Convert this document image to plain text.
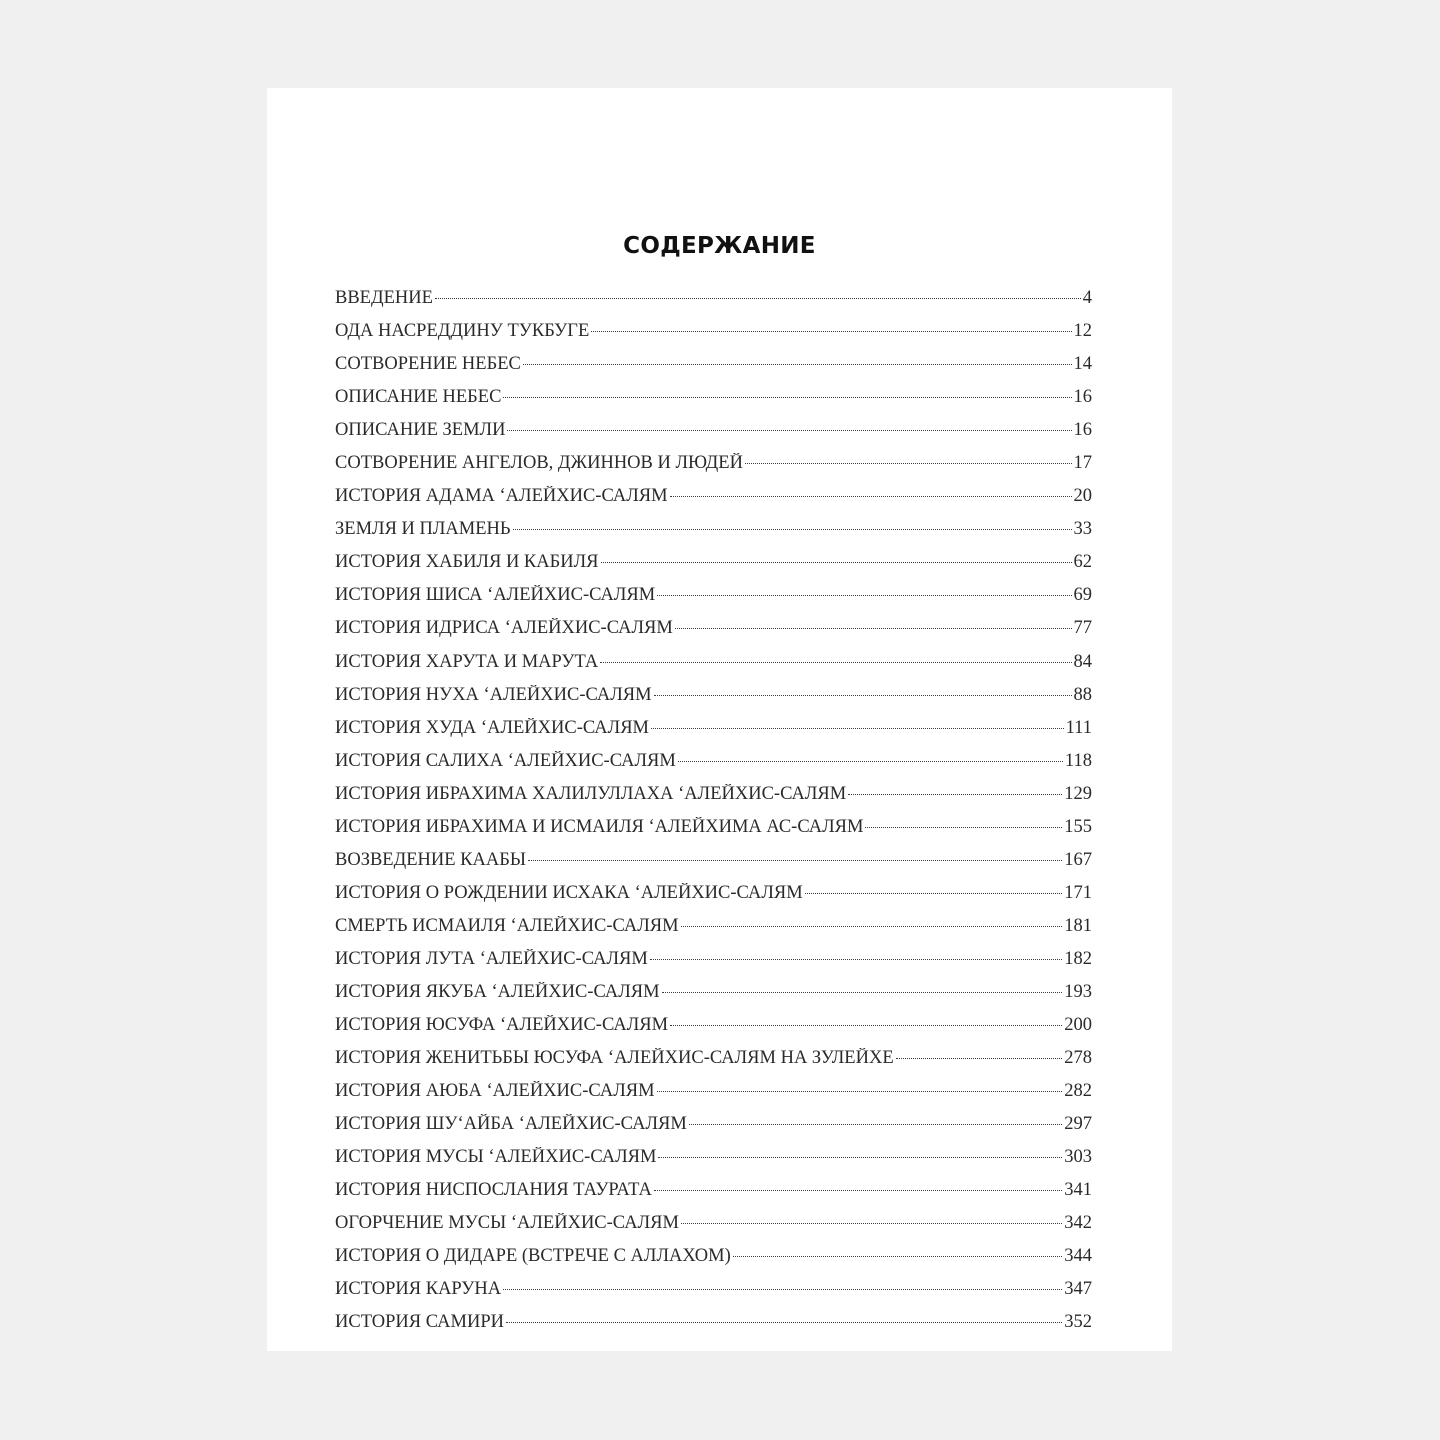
СОДЕРЖАНИЕ
ВВЕДЕНИЕ	4
ОДА НАСРЕДДИНУ ТУКБУГЕ	12
СОТВОРЕНИЕ НЕБЕС	14
ОПИСАНИЕ НЕБЕС	16
ОПИСАНИЕ ЗЕМЛИ	16
СОТВОРЕНИЕ АНГЕЛОВ, ДЖИННОВ И ЛЮДЕЙ	17
ИСТОРИЯ АДАМА ‘АЛЕЙХИС-САЛЯМ	20
ЗЕМЛЯ И ПЛАМЕНЬ	33
ИСТОРИЯ ХАБИЛЯ И КАБИЛЯ	62
ИСТОРИЯ ШИСА ‘АЛЕЙХИС-САЛЯМ	69
ИСТОРИЯ ИДРИСА ‘АЛЕЙХИС-САЛЯМ	77
ИСТОРИЯ ХАРУТА И МАРУТА	84
ИСТОРИЯ НУХА ‘АЛЕЙХИС-САЛЯМ	88
ИСТОРИЯ ХУДА ‘АЛЕЙХИС-САЛЯМ	111
ИСТОРИЯ САЛИХА ‘АЛЕЙХИС-САЛЯМ	118
ИСТОРИЯ ИБРАХИМА ХАЛИЛУЛЛАХА ‘АЛЕЙХИС-САЛЯМ	129
ИСТОРИЯ ИБРАХИМА И ИСМАИЛЯ ‘АЛЕЙХИМА АС-САЛЯМ	155
ВОЗВЕДЕНИЕ КААБЫ	167
ИСТОРИЯ О РОЖДЕНИИ ИСХАКА ‘АЛЕЙХИС-САЛЯМ	171
СМЕРТЬ ИСМАИЛЯ ‘АЛЕЙХИС-САЛЯМ	181
ИСТОРИЯ ЛУТА ‘АЛЕЙХИС-САЛЯМ	182
ИСТОРИЯ ЯКУБА ‘АЛЕЙХИС-САЛЯМ	193
ИСТОРИЯ ЮСУФА ‘АЛЕЙХИС-САЛЯМ	200
ИСТОРИЯ ЖЕНИТЬБЫ ЮСУФА ‘АЛЕЙХИС-САЛЯМ НА ЗУЛЕЙХЕ	278
ИСТОРИЯ АЮБА ‘АЛЕЙХИС-САЛЯМ	282
ИСТОРИЯ ШУ‘АЙБА ‘АЛЕЙХИС-САЛЯМ	297
ИСТОРИЯ МУСЫ ‘АЛЕЙХИС-САЛЯМ	303
ИСТОРИЯ НИСПОСЛАНИЯ ТАУРАТА	341
ОГОРЧЕНИЕ МУСЫ ‘АЛЕЙХИС-САЛЯМ	342
ИСТОРИЯ О ДИДАРЕ (ВСТРЕЧЕ С АЛЛАХОМ)	344
ИСТОРИЯ КАРУНА	347
ИСТОРИЯ САМИРИ	352
